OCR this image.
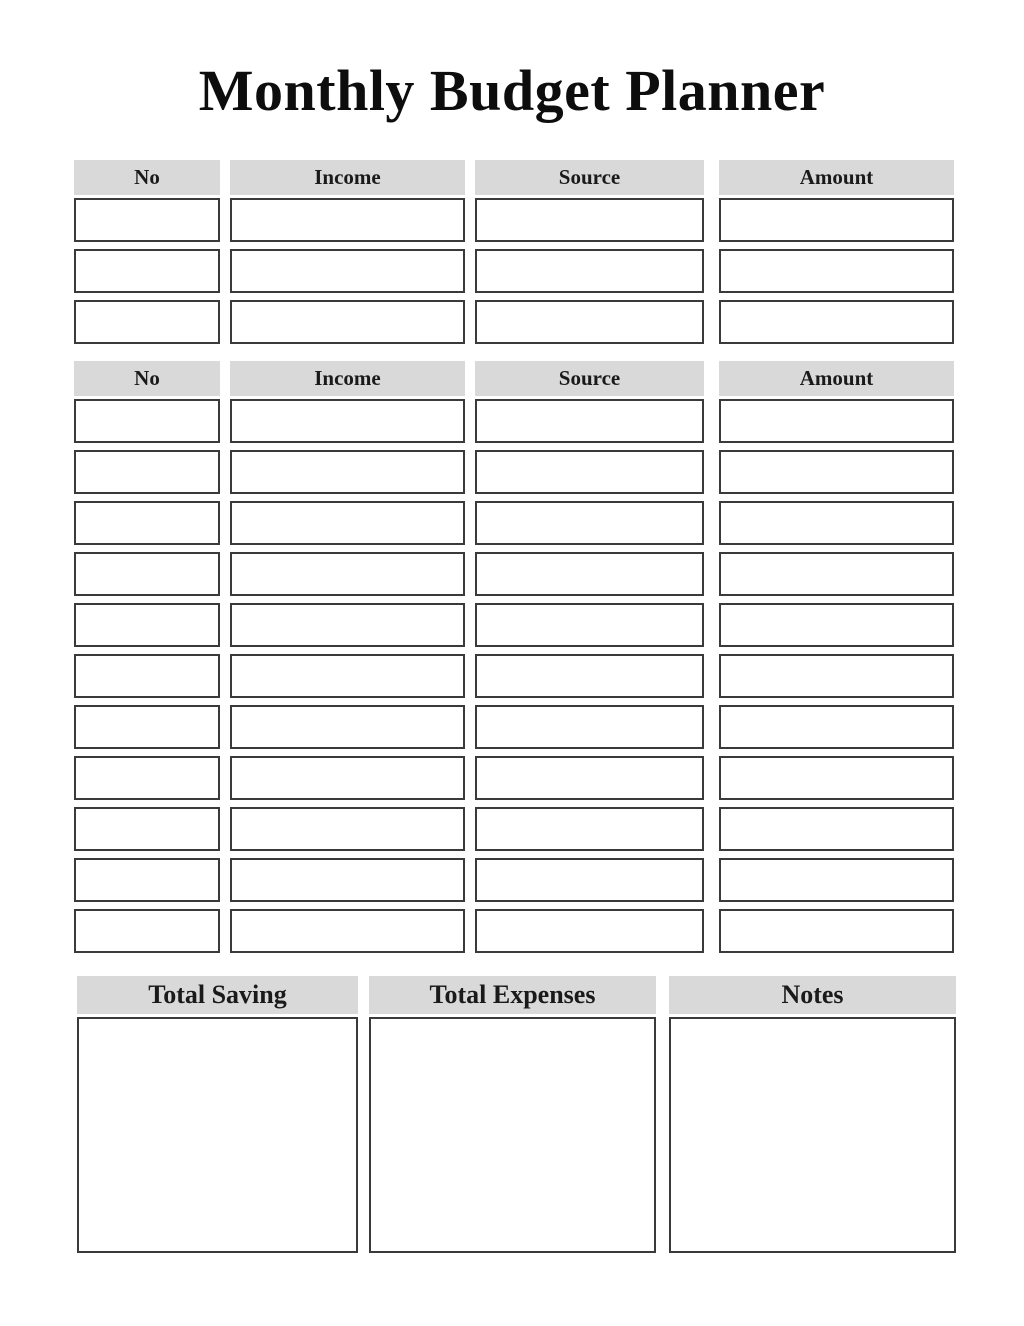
Monthly Budget Planner
No	Income	Source	Amount
No	Income	Source	Amount
Total Saving	Total Expenses	Notes
